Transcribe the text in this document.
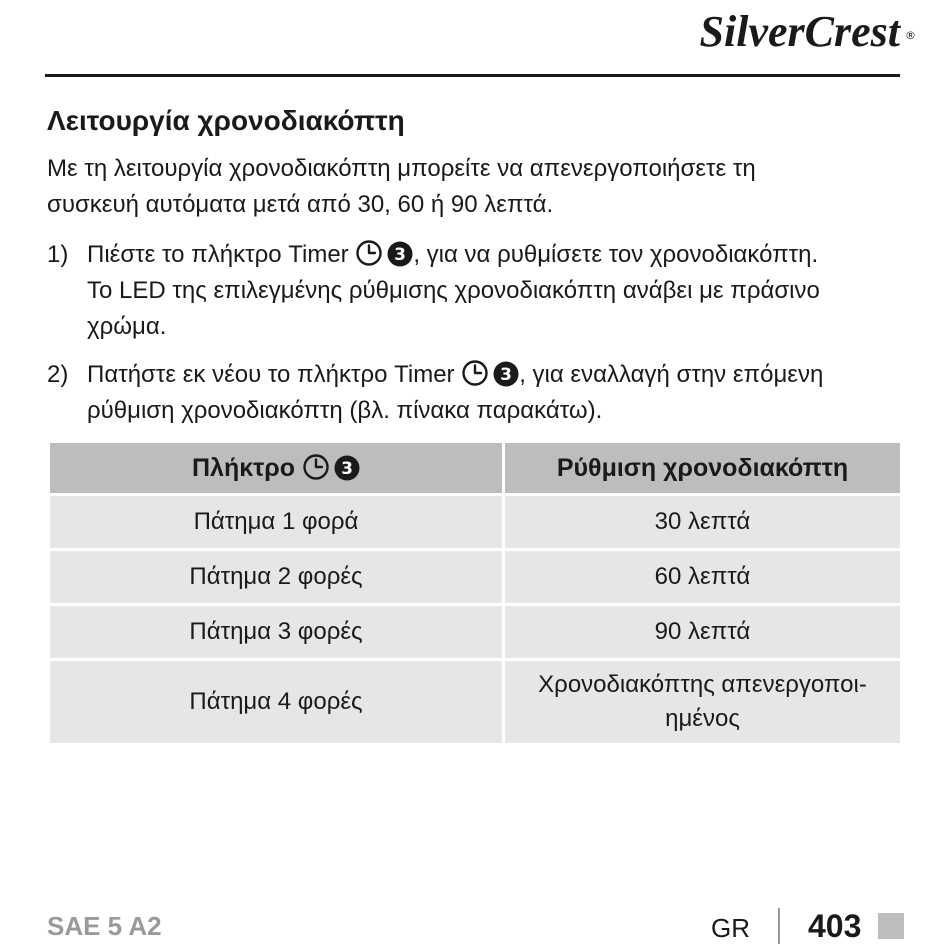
SilverCrest ®
Λειτουργία χρονοδιακόπτη
Με τη λειτουργία χρονοδιακόπτη μπορείτε να απενεργοποιήσετε τη
συσκευή αυτόματα μετά από 30, 60 ή 90 λεπτά.
1) Πιέστε το πλήκτρο Timer 3 , για να ρυθμίσετε τον χρονοδιακόπτη.
Το LED της επιλεγμένης ρύθμισης χρονοδιακόπτη ανάβει με πράσινο
χρώμα.
2) Πατήστε εκ νέου το πλήκτρο Timer 3 , για εναλλαγή στην επόμενη
ρύθμιση χρονοδιακόπτη (βλ. πίνακα παρακάτω).
Πλήκτρο 3	Ρύθμιση χρονοδιακόπτη
Πάτημα 1 φορά	30 λεπτά
Πάτημα 2 φορές	60 λεπτά
Πάτημα 3 φορές	90 λεπτά
Πάτημα 4 φορές	Χρονοδιακόπτης απενεργοποι-
ημένος
SAE 5 A2	GR 403
